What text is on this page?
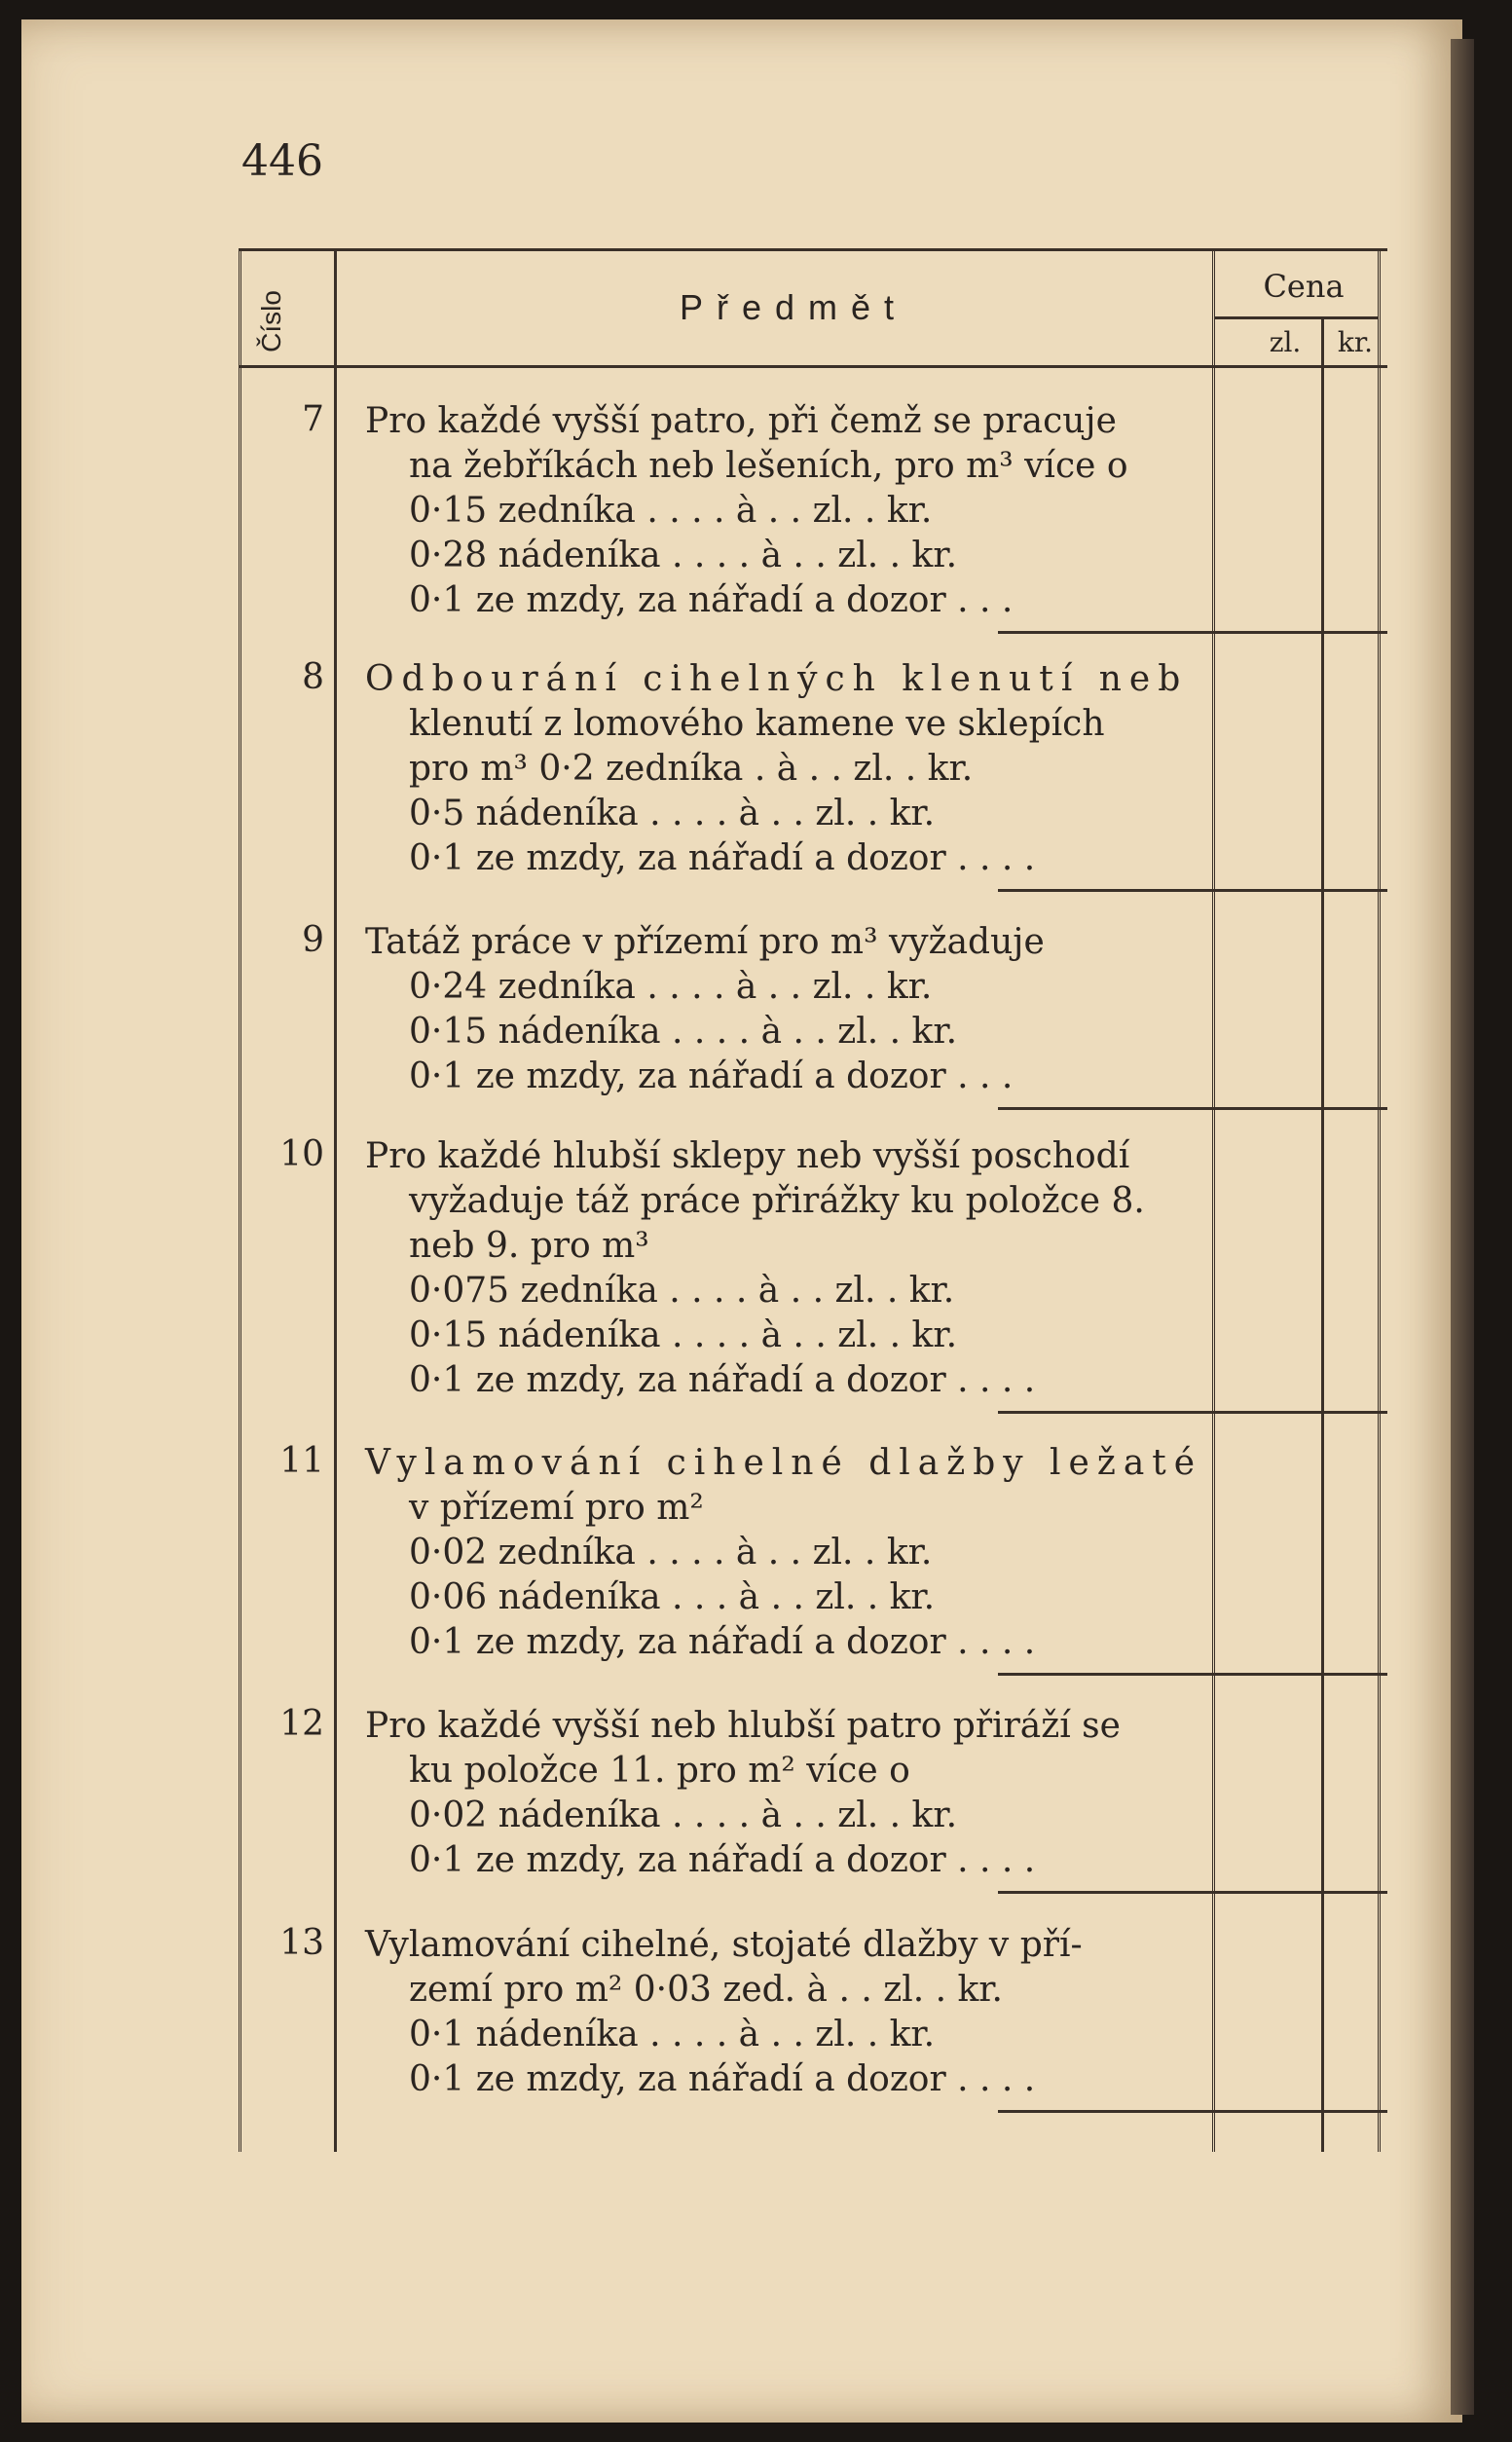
446
Číslo	Předmět
Cena
zl.	kr.
7 Pro každé vyšší patro, při čemž se pracuje
na žebříkách neb lešeních, pro m³ více o
0·15 zedníka . . . . à . . zl. . kr.
0·28 nádeníka . . . . à . . zl. . kr.
0·1 ze mzdy, za nářadí a dozor . . .
8 Odbourání cihelných klenutí neb
klenutí z lomového kamene ve sklepích
pro m³ 0·2 zedníka . à . . zl. . kr.
0·5 nádeníka . . . . à . . zl. . kr.
0·1 ze mzdy, za nářadí a dozor . . . .
9 Tatáž práce v přízemí pro m³ vyžaduje
0·24 zedníka . . . . à . . zl. . kr.
0·15 nádeníka . . . . à . . zl. . kr.
0·1 ze mzdy, za nářadí a dozor . . .
10 Pro každé hlubší sklepy neb vyšší poschodí
vyžaduje táž práce přirážky ku položce 8.
neb 9. pro m³
0·075 zedníka . . . . à . . zl. . kr.
0·15 nádeníka . . . . à . . zl. . kr.
0·1 ze mzdy, za nářadí a dozor . . . .
11 Vylamování cihelné dlažby ležaté
v přízemí pro m²
0·02 zedníka . . . . à . . zl. . kr.
0·06 nádeníka . . . à . . zl. . kr.
0·1 ze mzdy, za nářadí a dozor . . . .
12 Pro každé vyšší neb hlubší patro přiráží se
ku položce 11. pro m² více o
0·02 nádeníka . . . . à . . zl. . kr.
0·1 ze mzdy, za nářadí a dozor . . . .
13 Vylamování cihelné, stojaté dlažby v pří-
zemí pro m² 0·03 zed. à . . zl. . kr.
0·1 nádeníka . . . . à . . zl. . kr.
0·1 ze mzdy, za nářadí a dozor . . . .
